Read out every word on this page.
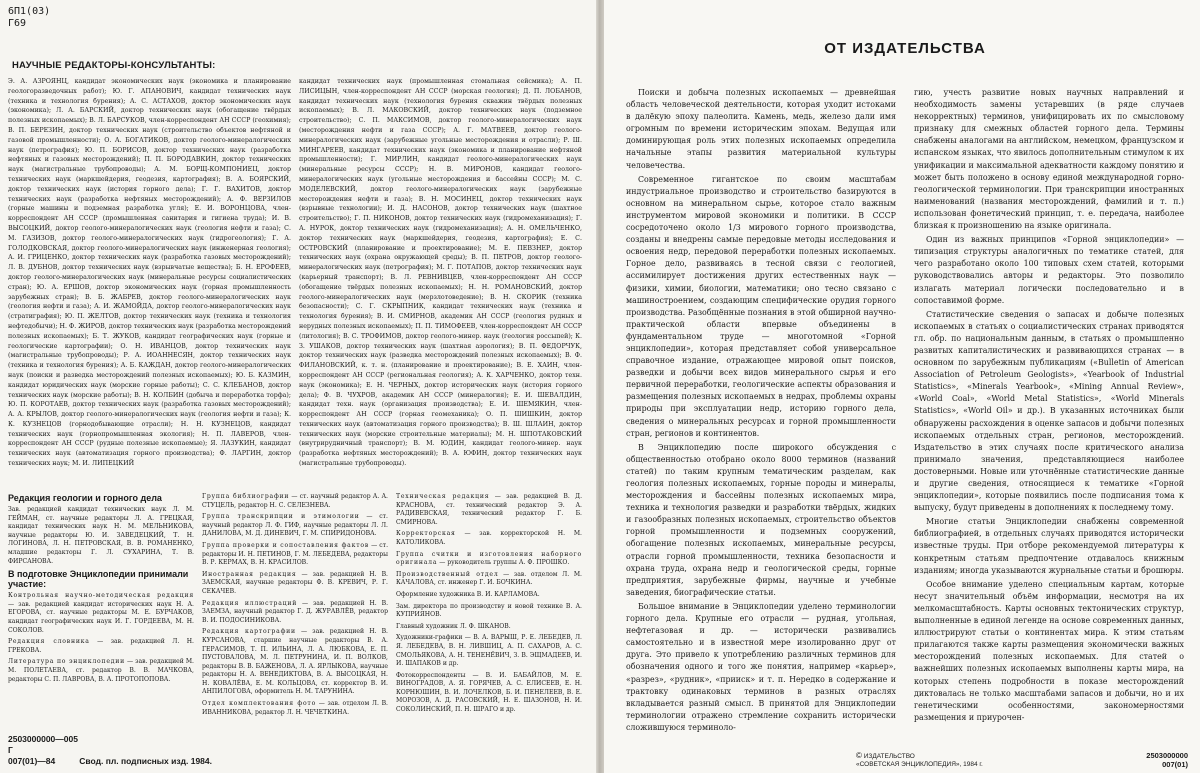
6П1(03)
Г69
НАУЧНЫЕ РЕДАКТОРЫ-КОНСУЛЬТАНТЫ:
Э. А. АЗРОЯНЦ, кандидат экономических наук (экономика и планирование геологоразведочных работ); Ю. Г. АПАНОВИЧ, кандидат технических наук (техника и технология бурения); А. С. АСТАХОВ, доктор экономических наук (экономика); Л. А. БАРСКИЙ, доктор технических наук (обогащение твёрдых полезных ископаемых); В. Л. БАРСУКОВ, член-корреспондент АН СССР (геохимия); В. П. БЕРЕЗИН, доктор технических наук (строительство объектов нефтяной и газовой промышленности); О. А. БОГАТИКОВ, доктор геолого-минералогических наук (петрография); Ю. П. БОРИСОВ, доктор технических наук (разработка нефтяных и газовых месторождений); П. П. БОРОДАВКИН, доктор технических наук (магистральные трубопроводы); А. М. БОРЩ-КОМПОНИЕЦ, доктор технических наук (маркшейдерия, геодезия, картография); В. А. БОЯРСКИЙ, доктор технических наук (история горного дела); Г. Г. ВАХИТОВ, доктор технических наук (разработка нефтяных месторождений); А. Ф. ВЕРЗИЛОВ (горные машины и подземная разработка угля); Е. И. ВОРОНЦОВА, член-корреспондент АН СССР (промышленная санитария и гигиена труда); И. В. ВЫСОЦКИЙ, доктор геолого-минералогических наук (геология нефти и газа); С. М. ГАЗИЗОВ, доктор геолого-минералогических наук (гидрогеология); Г. А. ГОЛОДКОВСКАЯ, доктор геолого-минералогических наук (инженерная геология); А. И. ГРИЦЕНКО, доктор технических наук (разработка газовых месторождений); Л. В. ДУБНОВ, доктор технических наук (взрывчатые вещества); Б. Н. ЕРОФЕЕВ, доктор геолого-минералогических наук (минеральные ресурсы социалистических стран); Ю. А. ЕРШОВ, доктор экономических наук (горная промышленность зарубежных стран); В. Б. ЖАБРЕВ, доктор геолого-минералогических наук (геология нефти и газа); А. И. ЖАМОЙДА, доктор геолого-минералогических наук (стратиграфия); Ю. П. ЖЕЛТОВ, доктор технических наук (техника и технология нефтедобычи); Н. Ф. ЖИРОВ, доктор технических наук (разработка месторождений полезных ископаемых); Б. Т. ЖУКОВ, кандидат географических наук (горные и геологические картографии); О. Н. ИВАНЦОВ, доктор технических наук (магистральные трубопроводы); Р. А. ИОАННЕСЯН, доктор технических наук (техника и технология бурения); А. Б. КАЖДАН, доктор геолого-минералогических наук (поиски и разведка месторождений полезных ископаемых); Ю. Б. КАЗМИН, кандидат юридических наук (морские горные работы); С. С. КЛЕБАНОВ, доктор технических наук (морские работы); В. Н. КОЛБИН (добыча и переработка торфа); Ю. П. КОРОТАЕВ, доктор технических наук (разработка газовых месторождений); А. А. КРЫЛОВ, доктор геолого-минералогических наук (геология нефти и газа); К. К. КУЗНЕЦОВ (горнодобывающие отрасли); Н. Н. КУЗНЕЦОВ, кандидат технических наук (горнопромышленная экология); Н. П. ЛАВЕРОВ, член-корреспондент АН СССР (рудные полезные ископаемые); Я. ЛАЗУКИН, кандидат технических наук (автоматизация горного производства); Ф. ЛАРГИН, доктор технических наук; М. И. ЛИПЕЦКИЙ
кандидат технических наук (промышленная стомальная сейсмика); А. П. ЛИСИЦЫН, член-корреспондент АН СССР (морская геология); Д. П. ЛОБАНОВ, кандидат технических наук (технология бурения скважин твёрдых полезных ископаемых); В. Л. МАКОВСКИЙ, доктор технических наук (подземное строительство); С. П. МАКСИМОВ, доктор геолого-минералогических наук (месторождения нефти и газа СССР); А. Г. МАТВЕЕВ, доктор геолого-минералогических наук (зарубежные угольные месторождения и отрасли); Р. Ш. МИНГАРЕЕВ, кандидат технических наук (экономика и планирование нефтяной промышленности); Г. МИРЛИН, кандидат геолого-минералогических наук (минеральные ресурсы СССР); Н. В. МИРОНОВ, кандидат геолого-минералогических наук (угольные месторождения и бассейны СССР); М. С. МОДЕЛЕВСКИЙ, доктор геолого-минералогических наук (зарубежные месторождения нефти и газа); В. Н. МОСИНЕЦ, доктор технических наук (взрывные технологии); И. Д. НАСОНОВ, доктор технических наук (шахтное строительство); Г. П. НИКОНОВ, доктор технических наук (гидромеханизация); Г. А. НУРОК, доктор технических наук (гидромеханизация); А. Н. ОМЕЛЬЧЕНКО, доктор технических наук (маркшейдерия, геодезия, картография); Е. С. ОСТРОВСКИЙ (планирование и проектирование); М. Е. ПЕВЗНЕР, доктор технических наук (охрана окружающей среды); В. П. ПЕТРОВ, доктор геолого-минералогических наук (петрография); М. Г. ПОТАПОВ, доктор технических наук (карьерный транспорт); В. Л. РЕВНИВЦЕВ, член-корреспондент АН СССР (обогащение твёрдых полезных ископаемых); Н. Н. РОМАНОВСКИЙ, доктор геолого-минералогических наук (мерзлотоведение); В. Н. СКОРИК (техника безопасности); С. Г. СКРЫПНИК, кандидат технических наук (техника и технология бурения); В. И. СМИРНОВ, академик АН СССР (геология рудных и нерудных полезных ископаемых); П. П. ТИМОФЕЕВ, член-корреспондент АН СССР (литология); В. С. ТРОФИМОВ, доктор геолого-минер. наук (геология россыпей); К. З. УШАКОВ, доктор технических наук (шахтная аэрология); В. П. ФЕДОРЧУК, доктор технических наук (разведка месторождений полезных ископаемых); В. Ф. ФИЛАНОВСКИЙ, к. т. н. (планирование и проектирование); В. Е. ХАИН, член-корреспондент АН СССР (региональная геология); А. К. ХАРЧЕНКО, доктор техн. наук (экономика); Е. Н. ЧЕРНЫХ, доктор исторических наук (история горного дела); Ф. В. ЧУХРОВ, академик АН СССР (минералогия); Е. И. ШЕВАЛДИН, кандидат техн. наук (организация производства); Е. И. ШЕМЯКИН, член-корреспондент АН СССР (горная геомеханика); О. П. ШИШКИН, доктор технических наук (автоматизация горного производства); В. Ш. ШЛАИН, доктор технических наук (морские строительные материалы); М. Н. ШПОТАКОВСКИЙ (внутрирудничный транспорт); В. М. ЮДИН, кандидат геолого-минер. наук (разработка нефтяных месторождений); В. А. ЮФИН, доктор технических наук (магистральные трубопроводы).
Редакция геологии и горного дела

Зав. редакцией кандидат технических наук Л. М. ГЕЙМАН, ст. научные редакторы Л. А. ГРЕЦКАЯ, кандидат технических наук Н. М. МЕЛЬНИКОВА, научные редакторы Ю. И. ЗАВЕДЕЦКИЙ, Т. Н. ЛОГИНОВА, Л. Н. ПЕТРОВСКАЯ, В. В. РОМАНЕНКО, младшие редакторы Г. Л. СУХАРИНА, Т. В. ФИРСАНОВА.

В подготовке Энциклопедии принимали участие:

Контрольная научно-методическая редакция — зав. редакцией кандидат исторических наук Н. А. ЕГОРОВА, ст. научные редакторы М. Е. БУРЧАКОВ, кандидат географических наук И. Г. ГОРДЕЕВА, М. Н. СОКОЛОВ.

Редакция словника — зав. редакцией Л. Н. ГРЕКОВА.

Литература по энциклопедии — зав. редакцией М. М. ПОЛЕТАЕВА, ст. редактор В. В. МАЧКОВА, редакторы С. П. ЛАВРОВА, В. А. ПРОТОПОПОВА.

Группа библиографии — ст. научный редактор А. А. СТУЦЕЛЬ, редактор Н. С. СЕЛЕЗНЕВА.

Группа транскрипции и этимологии — ст. научный редактор Л. Ф. ГИФ, научные редакторы Л. Л. ДАНИЛОВА, М. Д. ДИНЕВИЧ, Г. М. СПИРИДОНОВА.

Группа проверки и сопоставления фактов — ст. редакторы И. Н. ПЕТИНОВ, Г. М. ЛЕБЕДЕВА, редакторы В. Р. КЕРМАХ, В. Н. КРАСИЛОВ.

Иностранная редакция — зав. редакцией Н. В. ЗАЕМСКАЯ, научные редакторы Ф. В. КРЕВИЧ, Р. Г. СЕКАЧЕВ.

Редакция иллюстраций — зав. редакцией Н. В. ЗАЕМЗА, научный редактор Г. Д. ЖУРАВЛЁВ, редактор В. И. ПОДОСИНИКОВА.

Редакция картографии — зав. редакцией Н. В. КУРСАНОВА, старшие научные редакторы В. А. ГЕРАСИМОВ, Т. П. ИЛЬИНА, Л. А. ЛЮБКОВА, Е. П. ПУСТОВАЛОВА, М. Л. ПЕТРУНИНА, И. П. ВОЛКОВ, редакторы В. В. БАЖЕНОВА, Л. А. ЯРЛЫКОВА, научные редакторы Н. А. ВЕНЕДИКТОВА, В. А. ВЫСОЦКАЯ, Н. Н. КОВАЛЁВА, Е. М. КОЛЬЦОВА, ст. корректор В. И. АНПИЛОГОВА, оформитель Н. М. ТАРУНИНА.

Отдел комплектования фото — зав. отделом Л. В. ИВАННИКОВА, редактор Л. Н. ЧЕЧЕТКИНА.

Техническая редакция — зав. редакцией В. Д. КРАСНОВА, ст. технический редактор Э. А. РАДИВЕВСКАЯ, технический редактор Г. Б. СМИРНОВА.

Корректорская — зав. корректорской Н. М. КАТОЛИКОВА.

Группа считки и изготовления наборного оригинала — руководитель группы А. Ф. ПРОШКО.

Производственный отдел — зав. отделом Л. М. КАЧАЛОВА, ст. инженер Г. И. БОЧКИНА.

Оформление художника В. И. КАРЛАМОВА.

Зам. директора по производству и новой технике В. А. КУПРИЯНОВ.

Главный художник Л. Ф. ШКАНОВ.

Художники-графики — В. А. ВАРЫШ, Р. Е. ЛЕБЕДЕВ, Л. Я. ЛЕБЕДЕВА, В. Н. ЛИВШИЦ, А. П. САХАРОВ, А. С. СМОЛЬЯКОВА, А. Н. ТЕНЕНЁВИЧ, З. В. ЭЩМАДЕЕВ, И. И. ШАПАКОВ и др.

Фотокорреспонденты — В. И. БАБАЙЛОВ, М. Е. ВИНОГРАДОВ, А. Я. ГОРЯЧЕВ, А. С. ЕЛИСЕЕВ, Е. Н. КОРНЮШИН, В. И. ЛОЧЕЛКОВ, Б. И. ПЕНЕЛЕЕВ, В. Е. МОРОЗОВ, А. Д. РАСОВСКИЙ, Н. Е. ШАЗОНОВ, Н. И. СОКОЛИНСКИЙ, П. Н. ШРАГО и др.

2503000000—005
Г
007(01)—84	Свод. пл. подписных изд. 1984.
ОТ ИЗДАТЕЛЬСТВА

Поиски и добыча полезных ископаемых — древнейшая область человеческой деятельности, которая уходит истоками в далёкую эпоху палеолита. Камень, медь, железо дали имя огромным по времени историческим эпохам. Ведущая или доминирующая роль этих полезных ископаемых определила начальные этапы развития материальной культуры человечества.

Современное гигантское по своим масштабам индустриальное производство и строительство базируются в основном на минеральном сырье, которое стало важным инструментом мировой экономики и политики. В СССР сосредоточено около 1/3 мирового горного производства, созданы и внедрены самые передовые методы исследования и освоения недр, передовой переработки полезных ископаемых. Горное дело, развиваясь в тесной связи с геологией, ассимилирует достижения других естественных наук — физики, химии, биологии, математики; оно тесно связано с машиностроением, создающим специфические орудия горного производства. Разобщённые познания в этой обширной научно-практической области впервые объединены в фундаментальном труде — многотомной «Горной энциклопедии», которая представляет собой универсальное справочное издание, отражающее мировой опыт поисков, разведки и добычи всех видов минерального сырья и его первичной переработки, геологические аспекты образования и размещения полезных ископаемых в недрах, проблемы охраны природы при эксплуатации недр, историю горного дела, сведения о минеральных ресурсах и горной промышленности стран, регионов и континентов.

В Энциклопедию после широкого обсуждения с общественностью отобрано около 8000 терминов (названий статей) по таким крупным тематическим разделам, как геология полезных ископаемых, горные породы и минералы, месторождения и бассейны полезных ископаемых мира, техника и технология разведки и разработки твёрдых, жидких и газообразных полезных ископаемых, строительство объектов горной промышленности и подземных сооружений, обогащение полезных ископаемых, минеральные ресурсы, отрасли горной промышленности, техника безопасности и охрана труда, охрана недр и геологической среды, горные предприятия, зарубежные фирмы, научные и учебные заведения, биографические статьи.

Большое внимание в Энциклопедии уделено терминологии горного дела. Крупные его отрасли — рудная, угольная, нефтегазовая и др. — исторически развивались самостоятельно и в известной мере изолированно друг от друга. Это привело к употреблению различных терминов для обозначения одного и того же понятия, например «карьер», «разрез», «рудник», «прииск» и т. п. Нередко в содержание и трактовку одинаковых терминов в разных отраслях вкладывается разный смысл. В принятой для Энциклопедии терминологии отражено стремление сохранить исторически сложившуюся терминоло-

гию, учесть развитие новых научных направлений и необходимость замены устаревших (в ряде случаев некорректных) терминов, унифицировать их по смысловому признаку для смежных областей горного дела. Термины снабжены аналогами на английском, немецком, французском и испанском языках, что явилось дополнительным стимулом к их унификации и максимальной адекватности каждому понятию и может быть положено в основу единой международной горно-геологической терминологии. При транскрипции иностранных наименований (названия месторождений, фамилий и т. п.) использован фонетический принцип, т. е. передача, наиболее близкая к произношению на языке оригинала.

Один из важных принципов «Горной энциклопедии» — типизация структуры аналогичных по тематике статей, для чего разработано около 100 типовых схем статей, которыми руководствовались авторы и редакторы. Это позволило излагать материал логически последовательно и в сопоставимой форме.

Статистические сведения о запасах и добыче полезных ископаемых в статьях о социалистических странах приводятся гл. обр. по национальным данным, в статьях о промышленно развитых капиталистических и развивающихся странах — в основном по зарубежным публикациям («Bulletin of American Association of Petroleum Geologists», «Yearbook of Industrial Statistics», «Minerals Yearbook», «Mining Annual Review», «World Coal», «World Metal Statistics», «World Minerals Statistics», «World Oil» и др.). В указанных источниках были обнаружены расхождения в оценке запасов и добычи полезных ископаемых отдельных стран, регионов, месторождений. Издательство в этих случаях после критического анализа принимало значения, представляющиеся наиболее достоверными. Новые или уточнённые статистические данные и другие сведения, относящиеся к тематике «Горной энциклопедии», которые появились после подписания тома к выпуску, будут приведены в дополнениях к последнему тому.

Многие статьи Энциклопедии снабжены современной библиографией, в отдельных случаях приводятся исторически известные труды. При отборе рекомендуемой литературы к конкретным статьям предпочтение отдавалось книжным изданиям; иногда указываются журнальные статьи и брошюры.

Особое внимание уделено специальным картам, которые несут значительный объём информации, несмотря на их мелкомасштабность. Карты основных тектонических структур, выполненные в единой легенде на основе современных данных, иллюстрируют статьи о континентах мира. К этим статьям прилагаются также карты размещения экономически важных месторождений полезных ископаемых. Для статей о важнейших полезных ископаемых выполнены карты мира, на которых степень подробности в показе месторождений диктовалась не только масштабами запасов и добычи, но и их генетическими особенностями, закономерностями размещения и приурочен-

© ИЗДАТЕЛЬСТВО
«СОВЕТСКАЯ ЭНЦИКЛОПЕДИЯ», 1984 г.
2503000000
007(01)
